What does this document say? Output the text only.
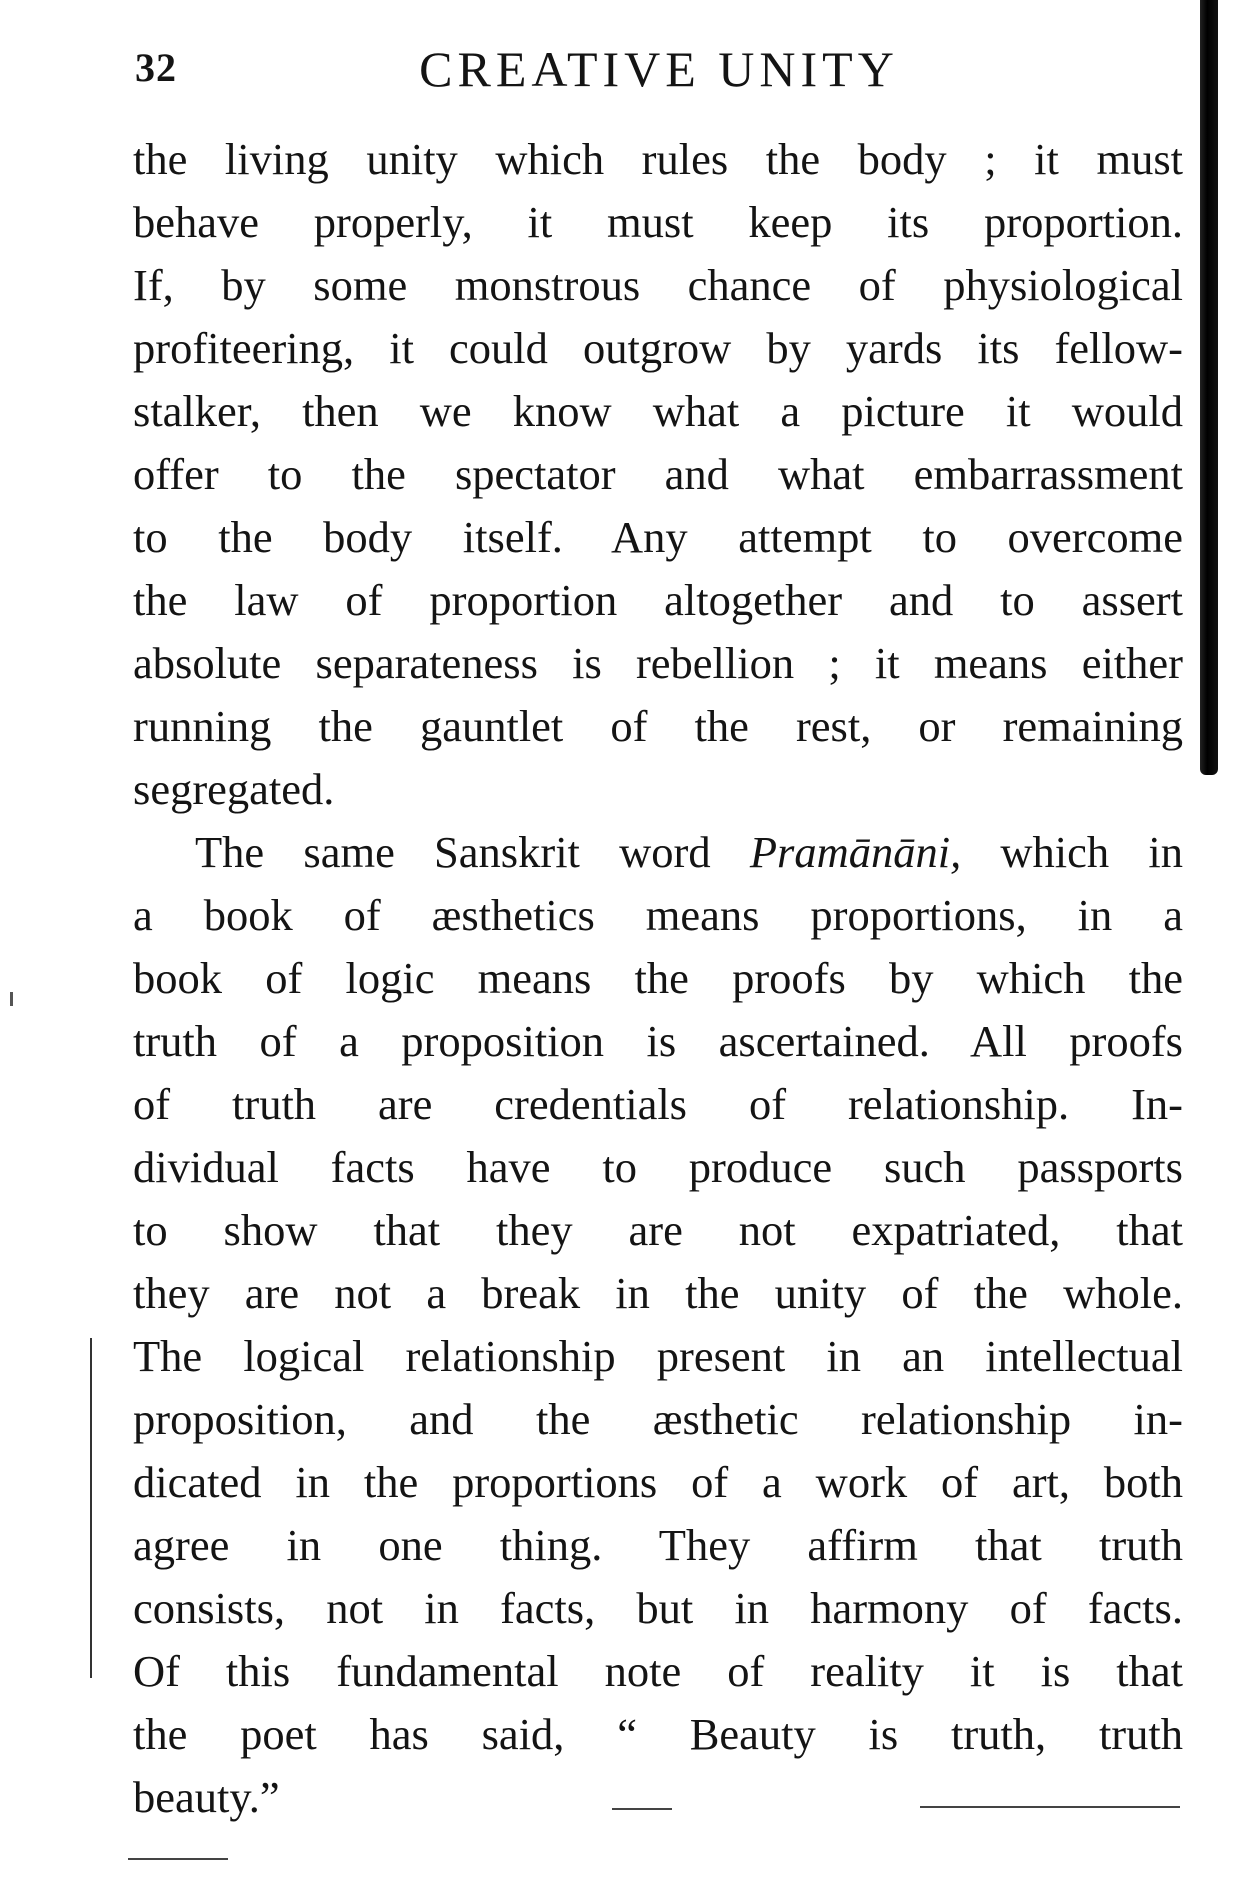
32	CREATIVE UNITY
the living unity which rules the body ; it must
behave properly, it must keep its proportion.
If, by some monstrous chance of physiological
profiteering, it could outgrow by yards its fellow-
stalker, then we know what a picture it would
offer to the spectator and what embarrassment
to the body itself. Any attempt to overcome
the law of proportion altogether and to assert
absolute separateness is rebellion ; it means either
running the gauntlet of the rest, or remaining
segregated.
The same Sanskrit word Pramānāni, which in
a book of æsthetics means proportions, in a
book of logic means the proofs by which the
truth of a proposition is ascertained. All proofs
of truth are credentials of relationship. In-
dividual facts have to produce such passports
to show that they are not expatriated, that
they are not a break in the unity of the whole.
The logical relationship present in an intellectual
proposition, and the æsthetic relationship in-
dicated in the proportions of a work of art, both
agree in one thing. They affirm that truth
consists, not in facts, but in harmony of facts.
Of this fundamental note of reality it is that
the poet has said, “ Beauty is truth, truth
beauty.”
